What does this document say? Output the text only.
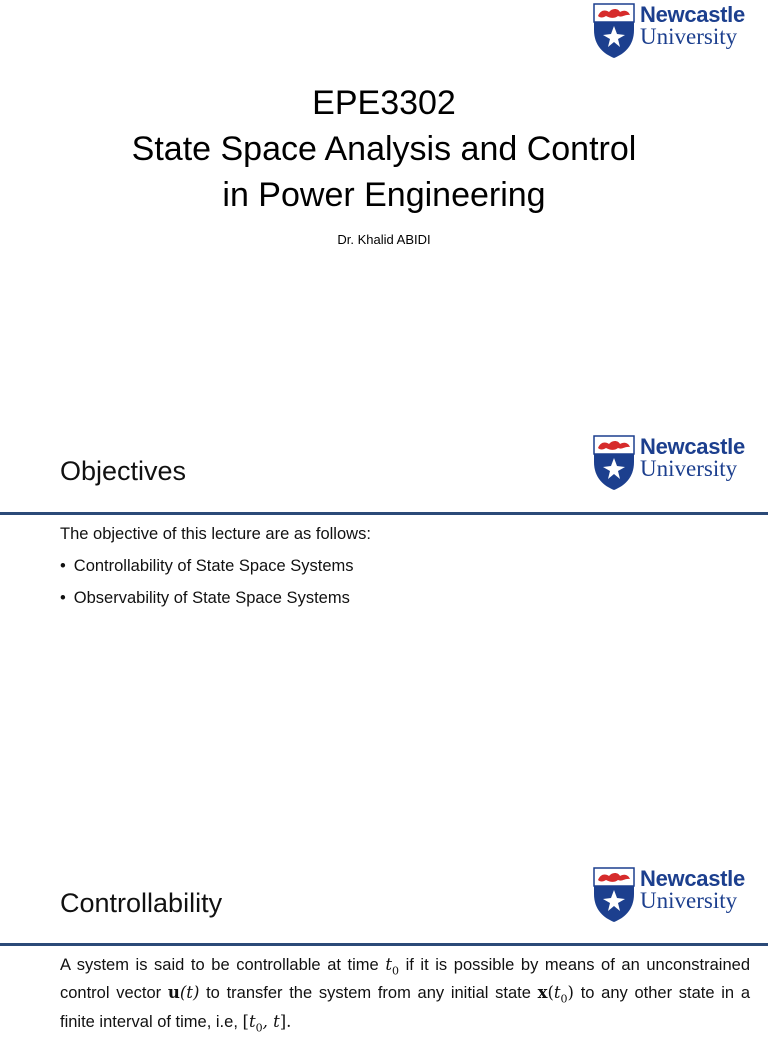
Newcastle
University
EPE3302
State Space Analysis and Control
in Power Engineering
Dr. Khalid ABIDI
Newcastle
University
Objectives
The objective of this lecture are as follows:
• Controllability of State Space Systems
• Observability of State Space Systems
Newcastle
University
Controllability
A system is said to be controllable at time $t_0$ if it is possible by means of an unconstrained control vector u(t) to transfer the system from any initial state $x(t_0)$ to any other state in a finite interval of time, i.e, [$t_0$, t].
